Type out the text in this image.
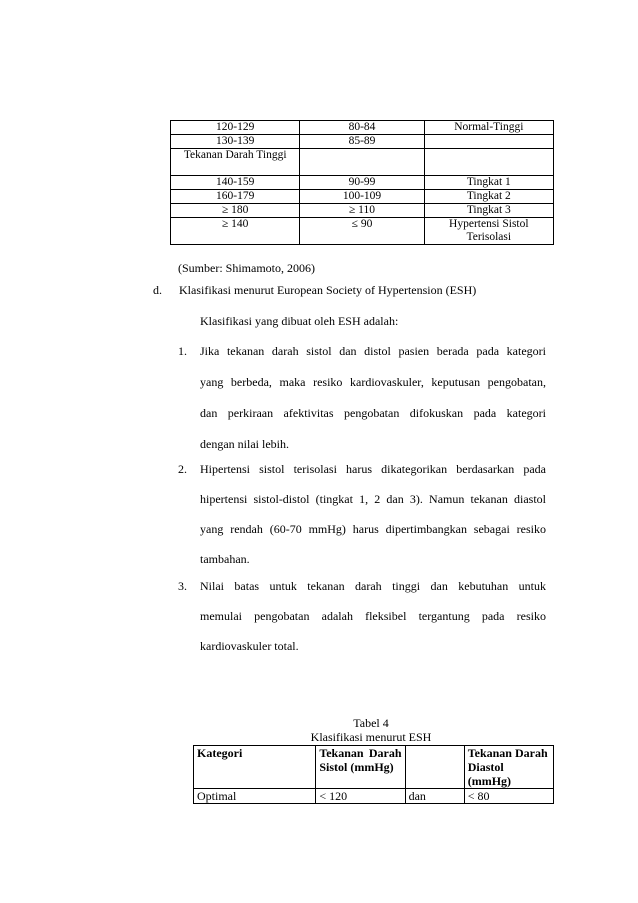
120-129	80-84	Normal-Tinggi
130-139	85-89	
Tekanan Darah Tinggi		
140-159	90-99	Tingkat 1
160-179	100-109	Tingkat 2
≥ 180	≥ 110	Tingkat 3
≥ 140	≤ 90	Hypertensi Sistol Terisolasi
(Sumber: Shimamoto, 2006)
d. Klasifikasi menurut European Society of Hypertension (ESH)
Klasifikasi yang dibuat oleh ESH adalah:
1. Jika tekanan darah sistol dan distol pasien berada pada kategori
yang berbeda, maka resiko kardiovaskuler, keputusan pengobatan,
dan perkiraan afektivitas pengobatan difokuskan pada kategori
dengan nilai lebih.
2. Hipertensi sistol terisolasi harus dikategorikan berdasarkan pada
hipertensi sistol-distol (tingkat 1, 2 dan 3). Namun tekanan diastol
yang rendah (60-70 mmHg) harus dipertimbangkan sebagai resiko
tambahan.
3. Nilai batas untuk tekanan darah tinggi dan kebutuhan untuk
memulai pengobatan adalah fleksibel tergantung pada resiko
kardiovaskuler total.
Tabel 4
Klasifikasi menurut ESH
Kategori	Tekanan Darah Sistol (mmHg)		Tekanan Darah Diastol (mmHg)
Optimal	< 120	dan	< 80
